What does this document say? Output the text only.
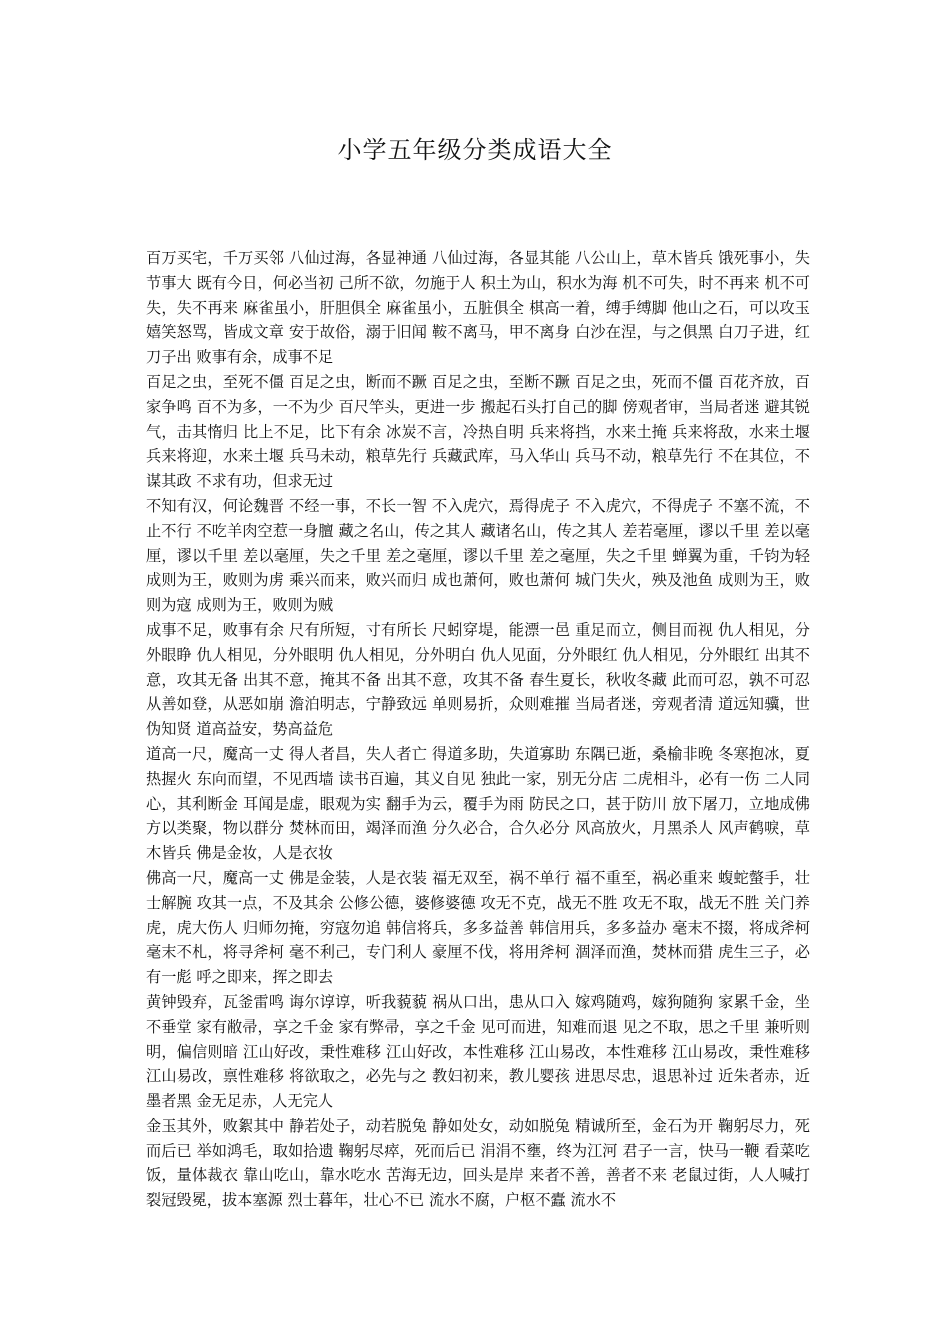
小学五年级分类成语大全

百万买宅，千万买邻 八仙过海，各显神通 八仙过海，各显其能 八公山上，草木皆兵 饿死事小，失节事大 既有今日，何必当初 己所不欲，勿施于人 积土为山，积水为海 机不可失，时不再来 机不可失，失不再来 麻雀虽小，肝胆俱全 麻雀虽小，五脏俱全 棋高一着，缚手缚脚 他山之石，可以攻玉 嬉笑怒骂，皆成文章 安于故俗，溺于旧闻 鞍不离马，甲不离身 白沙在涅，与之俱黑 白刀子进，红刀子出 败事有余，成事不足

百足之虫，至死不僵 百足之虫，断而不蹶 百足之虫，至断不蹶 百足之虫，死而不僵 百花齐放，百家争鸣 百不为多，一不为少 百尺竿头，更进一步 搬起石头打自己的脚 傍观者审，当局者迷 避其锐气，击其惰归 比上不足，比下有余 冰炭不言，冷热自明 兵来将挡，水来土掩 兵来将敌，水来土堰 兵来将迎，水来土堰 兵马未动，粮草先行 兵藏武库，马入华山 兵马不动，粮草先行 不在其位，不谋其政 不求有功，但求无过

不知有汉，何论魏晋 不经一事，不长一智 不入虎穴，焉得虎子 不入虎穴，不得虎子 不塞不流，不止不行 不吃羊肉空惹一身膻 藏之名山，传之其人 藏诸名山，传之其人 差若毫厘，谬以千里 差以毫厘，谬以千里 差以毫厘，失之千里 差之毫厘，谬以千里 差之毫厘，失之千里 蝉翼为重，千钧为轻 成则为王，败则为虏 乘兴而来，败兴而归 成也萧何，败也萧何 城门失火，殃及池鱼 成则为王，败则为寇 成则为王，败则为贼

成事不足，败事有余 尺有所短，寸有所长 尺蚓穿堤，能漂一邑 重足而立，侧目而视 仇人相见，分外眼睁 仇人相见，分外眼明 仇人相见，分外明白 仇人见面，分外眼红 仇人相见，分外眼红 出其不意，攻其无备 出其不意，掩其不备 出其不意，攻其不备 春生夏长，秋收冬藏 此而可忍，孰不可忍 从善如登，从恶如崩 澹泊明志，宁静致远 单则易折，众则难摧 当局者迷，旁观者清 道远知骥，世伪知贤 道高益安，势高益危

道高一尺，魔高一丈 得人者昌，失人者亡 得道多助，失道寡助 东隅已逝，桑榆非晚 冬寒抱冰，夏热握火 东向而望，不见西墙 读书百遍，其义自见 独此一家，别无分店 二虎相斗，必有一伤 二人同心，其利断金 耳闻是虚，眼观为实 翻手为云，覆手为雨 防民之口，甚于防川 放下屠刀，立地成佛 方以类聚，物以群分 焚林而田，竭泽而渔 分久必合，合久必分 风高放火，月黑杀人 风声鹤唳，草木皆兵 佛是金妆，人是衣妆

佛高一尺，魔高一丈 佛是金装，人是衣装 福无双至，祸不单行 福不重至，祸必重来 蝮蛇螫手，壮士解腕 攻其一点，不及其余 公修公德，婆修婆德 攻无不克，战无不胜 攻无不取，战无不胜 关门养虎，虎大伤人 归师勿掩，穷寇勿追 韩信将兵，多多益善 韩信用兵，多多益办 毫末不掇，将成斧柯 毫末不札，将寻斧柯 毫不利己，专门利人 豪厘不伐，将用斧柯 涸泽而渔，焚林而猎 虎生三子，必有一彪 呼之即来，挥之即去

黄钟毁弃，瓦釜雷鸣 诲尔谆谆，听我藐藐 祸从口出，患从口入 嫁鸡随鸡，嫁狗随狗 家累千金，坐不垂堂 家有敝帚，享之千金 家有弊帚，享之千金 见可而进，知难而退 见之不取，思之千里 兼听则明，偏信则暗 江山好改，秉性难移 江山好改，本性难移 江山易改，本性难移 江山易改，秉性难移 江山易改，禀性难移 将欲取之，必先与之 教妇初来，教儿婴孩 进思尽忠，退思补过 近朱者赤，近墨者黑 金无足赤，人无完人

金玉其外，败絮其中 静若处子，动若脱兔 静如处女，动如脱兔 精诚所至，金石为开 鞠躬尽力，死而后已 举如鸿毛，取如拾遗 鞠躬尽瘁，死而后已 涓涓不壅，终为江河 君子一言，快马一鞭 看菜吃饭，量体裁衣 靠山吃山，靠水吃水 苦海无边，回头是岸 来者不善，善者不来 老鼠过街，人人喊打 裂冠毁冕，拔本塞源 烈士暮年，壮心不已 流水不腐，户枢不蠹 流水不
